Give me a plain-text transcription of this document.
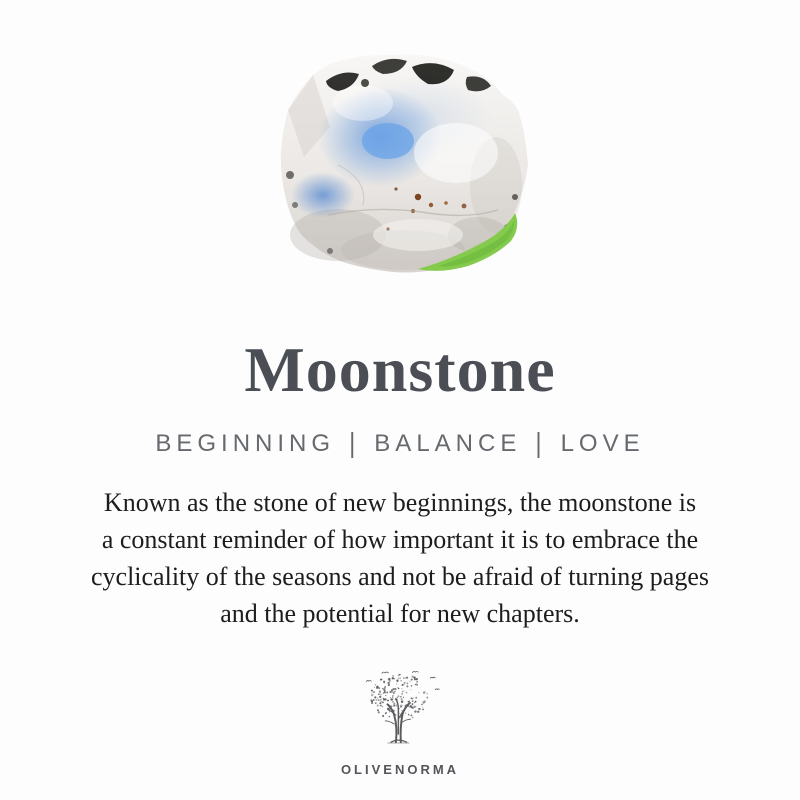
Moonstone
BEGINNING | BALANCE | LOVE
Known as the stone of new beginnings, the moonstone is
a constant reminder of how important it is to embrace the
cyclicality of the seasons and not be afraid of turning pages
and the potential for new chapters.
OLIVENORMA
